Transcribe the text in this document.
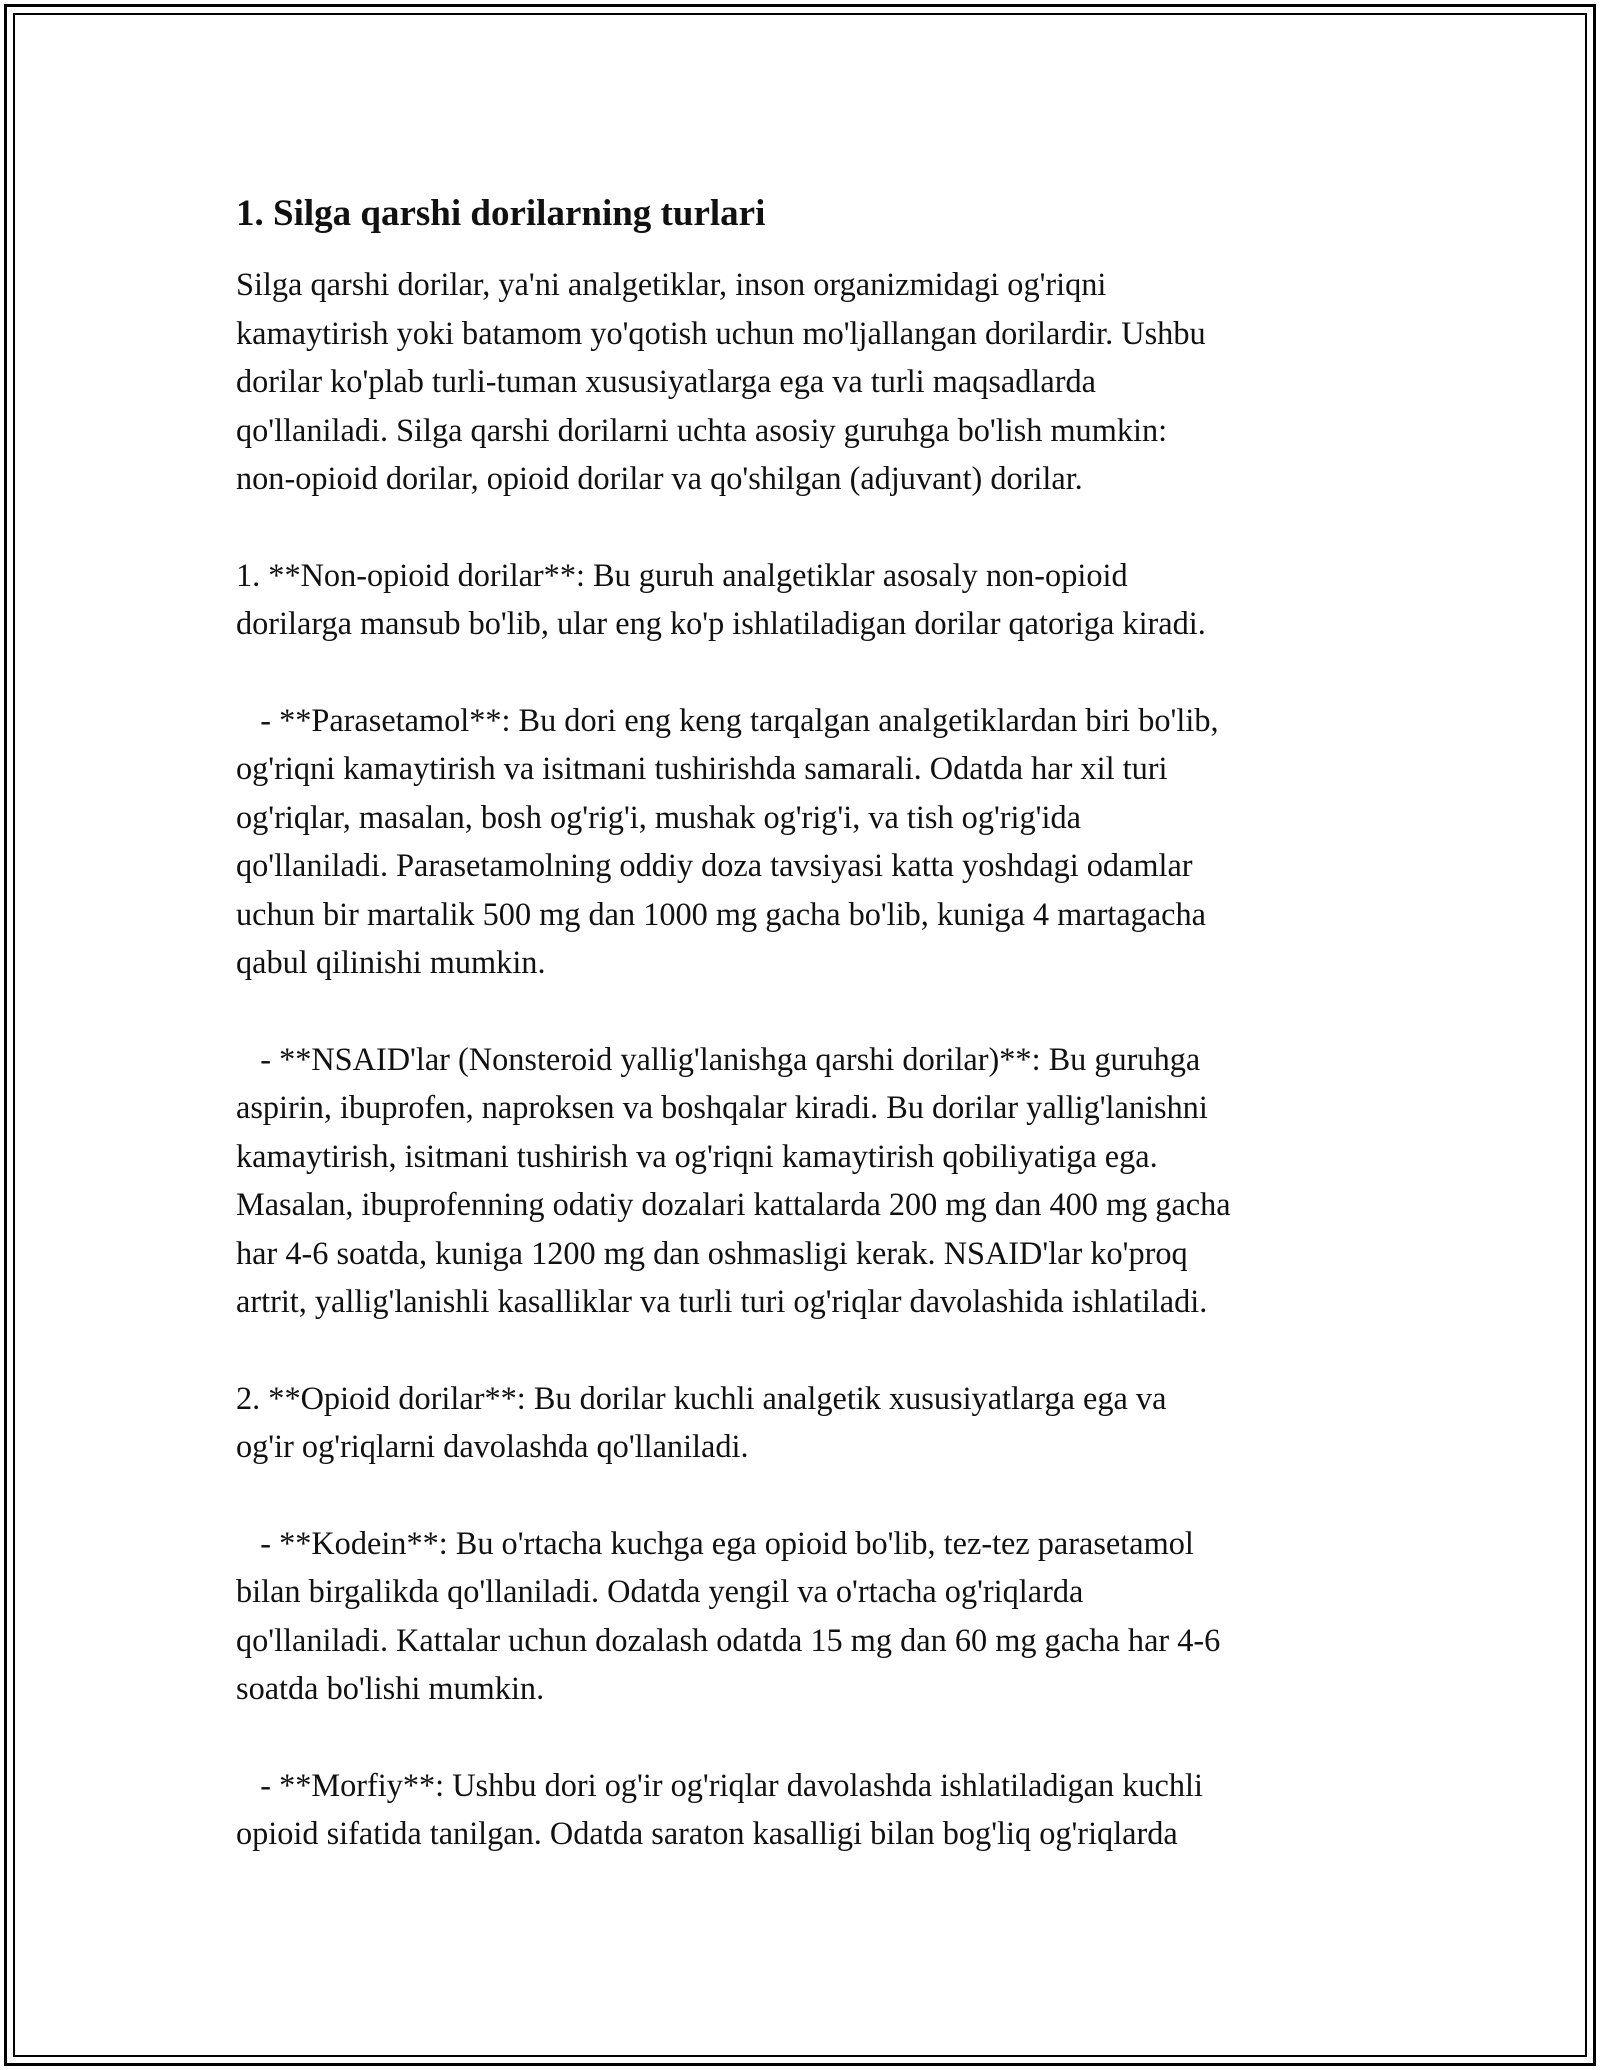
1. Silga qarshi dorilarning turlari

Silga qarshi dorilar, ya'ni analgetiklar, inson organizmidagi og'riqni
kamaytirish yoki batamom yo'qotish uchun mo'ljallangan dorilardir. Ushbu
dorilar ko'plab turli-tuman xususiyatlarga ega va turli maqsadlarda
qo'llaniladi. Silga qarshi dorilarni uchta asosiy guruhga bo'lish mumkin:
non-opioid dorilar, opioid dorilar va qo'shilgan (adjuvant) dorilar.

1. **Non-opioid dorilar**: Bu guruh analgetiklar asosaly non-opioid
dorilarga mansub bo'lib, ular eng ko'p ishlatiladigan dorilar qatoriga kiradi.

- **Parasetamol**: Bu dori eng keng tarqalgan analgetiklardan biri bo'lib,
og'riqni kamaytirish va isitmani tushirishda samarali. Odatda har xil turi
og'riqlar, masalan, bosh og'rig'i, mushak og'rig'i, va tish og'rig'ida
qo'llaniladi. Parasetamolning oddiy doza tavsiyasi katta yoshdagi odamlar
uchun bir martalik 500 mg dan 1000 mg gacha bo'lib, kuniga 4 martagacha
qabul qilinishi mumkin.

- **NSAID'lar (Nonsteroid yallig'lanishga qarshi dorilar)**: Bu guruhga
aspirin, ibuprofen, naproksen va boshqalar kiradi. Bu dorilar yallig'lanishni
kamaytirish, isitmani tushirish va og'riqni kamaytirish qobiliyatiga ega.
Masalan, ibuprofenning odatiy dozalari kattalarda 200 mg dan 400 mg gacha
har 4-6 soatda, kuniga 1200 mg dan oshmasligi kerak. NSAID'lar ko'proq
artrit, yallig'lanishli kasalliklar va turli turi og'riqlar davolashida ishlatiladi.

2. **Opioid dorilar**: Bu dorilar kuchli analgetik xususiyatlarga ega va
og'ir og'riqlarni davolashda qo'llaniladi.

- **Kodein**: Bu o'rtacha kuchga ega opioid bo'lib, tez-tez parasetamol
bilan birgalikda qo'llaniladi. Odatda yengil va o'rtacha og'riqlarda
qo'llaniladi. Kattalar uchun dozalash odatda 15 mg dan 60 mg gacha har 4-6
soatda bo'lishi mumkin.

- **Morfiy**: Ushbu dori og'ir og'riqlar davolashda ishlatiladigan kuchli
opioid sifatida tanilgan. Odatda saraton kasalligi bilan bog'liq og'riqlarda
